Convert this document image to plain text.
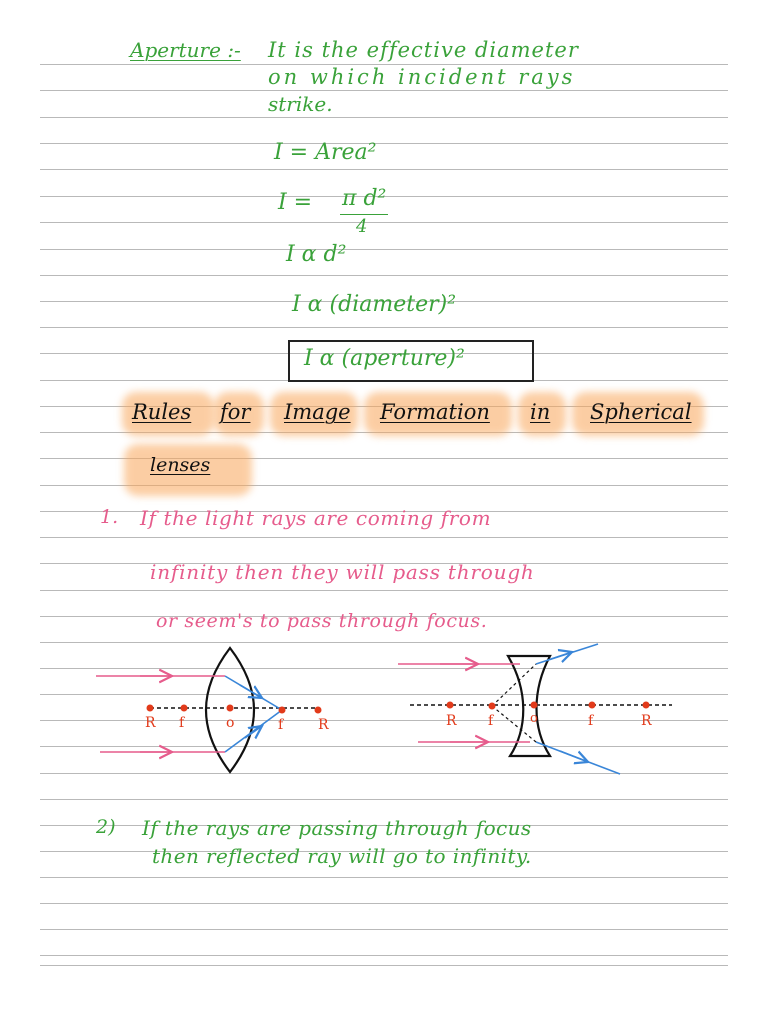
Aperture :- It is the effective diameter
on which incident rays
strike.
I = Area²
I = π d²
4
I α d²
I α (diameter)²
I α (aperture)²
Rules for Image Formation in Spherical
lenses
1. If the light rays are coming from
infinity then they will pass through
or seem's to pass through focus.
R f	o	f R	R f	o	f	R
2) If the rays are passing through focus
then reflected ray will go to infinity.
